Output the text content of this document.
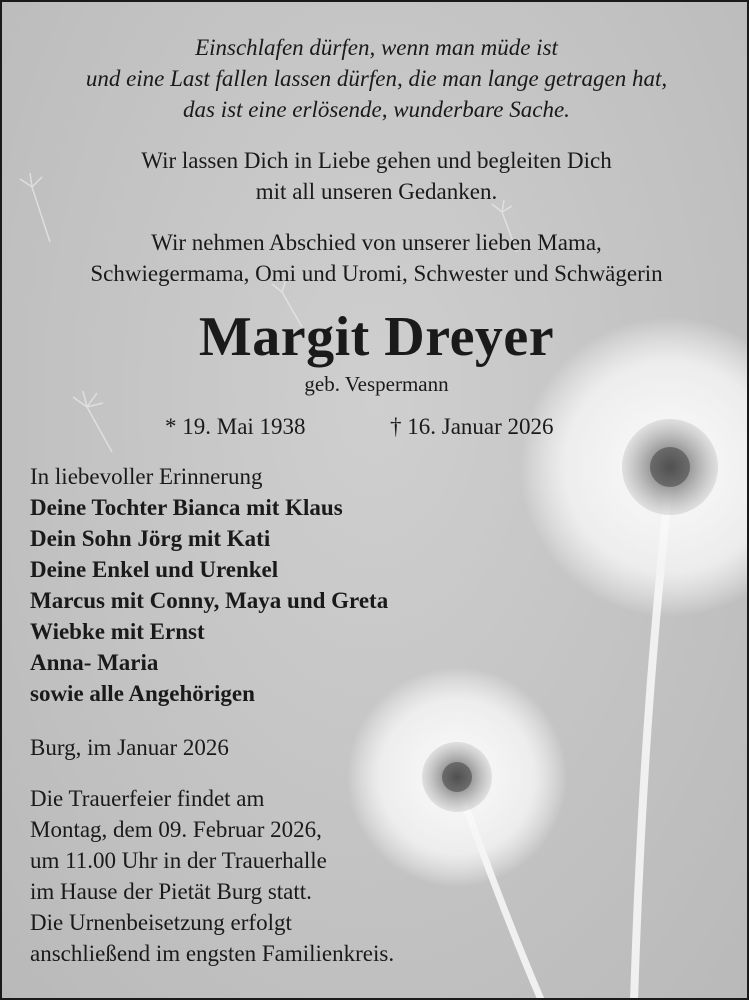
Einschlafen dürfen, wenn man müde ist
und eine Last fallen lassen dürfen, die man lange getragen hat,
das ist eine erlösende, wunderbare Sache.
Wir lassen Dich in Liebe gehen und begleiten Dich
mit all unseren Gedanken.
Wir nehmen Abschied von unserer lieben Mama,
Schwiegermama, Omi und Uromi, Schwester und Schwägerin
Margit Dreyer
geb. Vespermann
* 19. Mai 1938	† 16. Januar 2026
In liebevoller Erinnerung
Deine Tochter Bianca mit Klaus
Dein Sohn Jörg mit Kati
Deine Enkel und Urenkel
Marcus mit Conny, Maya und Greta
Wiebke mit Ernst
Anna- Maria
sowie alle Angehörigen
Burg, im Januar 2026
Die Trauerfeier findet am
Montag, dem 09. Februar 2026,
um 11.00 Uhr in der Trauerhalle
im Hause der Pietät Burg statt.
Die Urnenbeisetzung erfolgt
anschließend im engsten Familienkreis.
